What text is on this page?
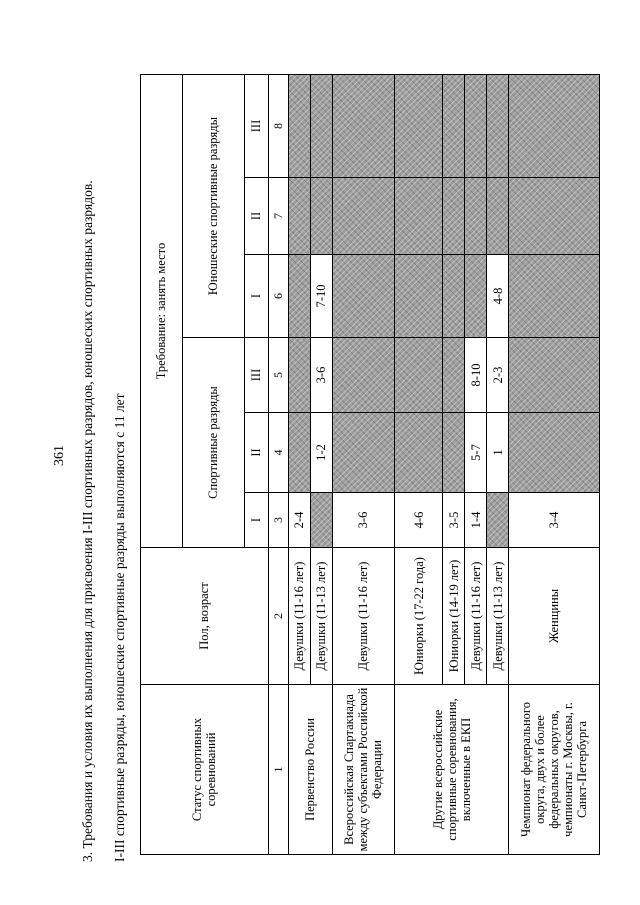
361 3. Требования и условия их выполнения для присвоения I-III спортивных разрядов, юношеских спортивных разрядов. I-III спортивные разряды, юношеские спортивные разряды выполняются с 11 лет	Статус спортивных соревнований	Пол, возраст	Требование: занять место					
		Спортивные разряды			Юношеские спортивные разряды		
		I	II	III	I	II	III
1	2	3	4	5	6	7	8
Первенство России	Девушки (11-16 лет)	2-4					
	Девушки (11-13 лет)		1-2	3-6	7-10		
Всероссийская Спартакиада между субъектами Российской Федерации	Девушки (11-16 лет)	3-6					
Другие всероссийские спортивные соревнования, включенные в ЕКП	Юниорки (17-22 года)	4-6					
	Юниорки (14-19 лет)	3-5					
	Девушки (11-16 лет)	1-4	5-7	8-10			
	Девушки (11-13 лет)		1	2-3	4-8		
Чемпионат федерального округа, двух и более федеральных округов, чемпионаты г. Москвы, г. Санкт-Петербурга	Женщины	3-4					
